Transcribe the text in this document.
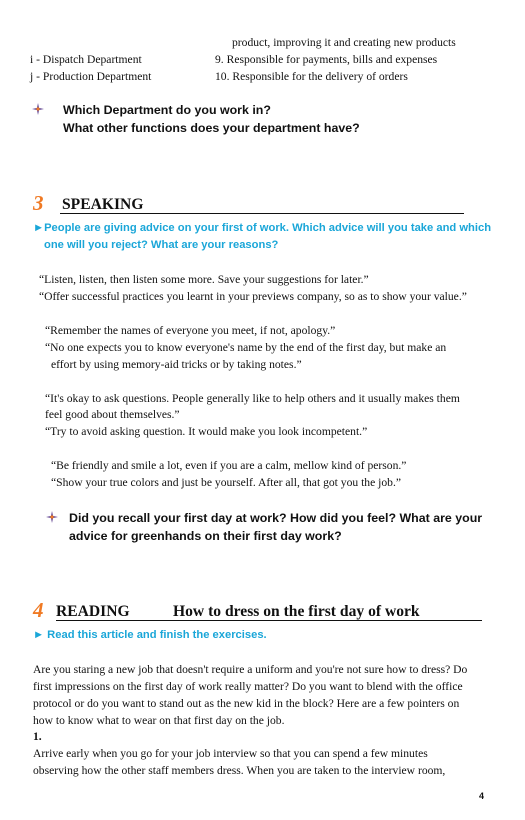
product, improving it and creating new products
i - Dispatch Department	9. Responsible for payments, bills and expenses
j - Production Department	10. Responsible for the delivery of orders
Which Department do you work in?
What other functions does your department have?
3 SPEAKING
►People are giving advice on your first of work. Which advice will you take and which
one will you reject? What are your reasons?
“Listen, listen, then listen some more. Save your suggestions for later.”
“Offer successful practices you learnt in your previews company, so as to show your value.”
“Remember the names of everyone you meet, if not, apology.”
“No one expects you to know everyone's name by the end of the first day, but make an
effort by using memory-aid tricks or by taking notes.”
“It's okay to ask questions. People generally like to help others and it usually makes them
feel good about themselves.”
“Try to avoid asking question. It would make you look incompetent.”
“Be friendly and smile a lot, even if you are a calm, mellow kind of person.”
“Show your true colors and just be yourself. After all, that got you the job.”
Did you recall your first day at work? How did you feel? What are your
advice for greenhands on their first day work?
4 READING	How to dress on the first day of work
► Read this article and finish the exercises.
Are you staring a new job that doesn't require a uniform and you're not sure how to dress? Do
first impressions on the first day of work really matter? Do you want to blend with the office
protocol or do you want to stand out as the new kid in the block? Here are a few pointers on
how to know what to wear on that first day on the job.
1.
Arrive early when you go for your job interview so that you can spend a few minutes
observing how the other staff members dress. When you are taken to the interview room,
4
